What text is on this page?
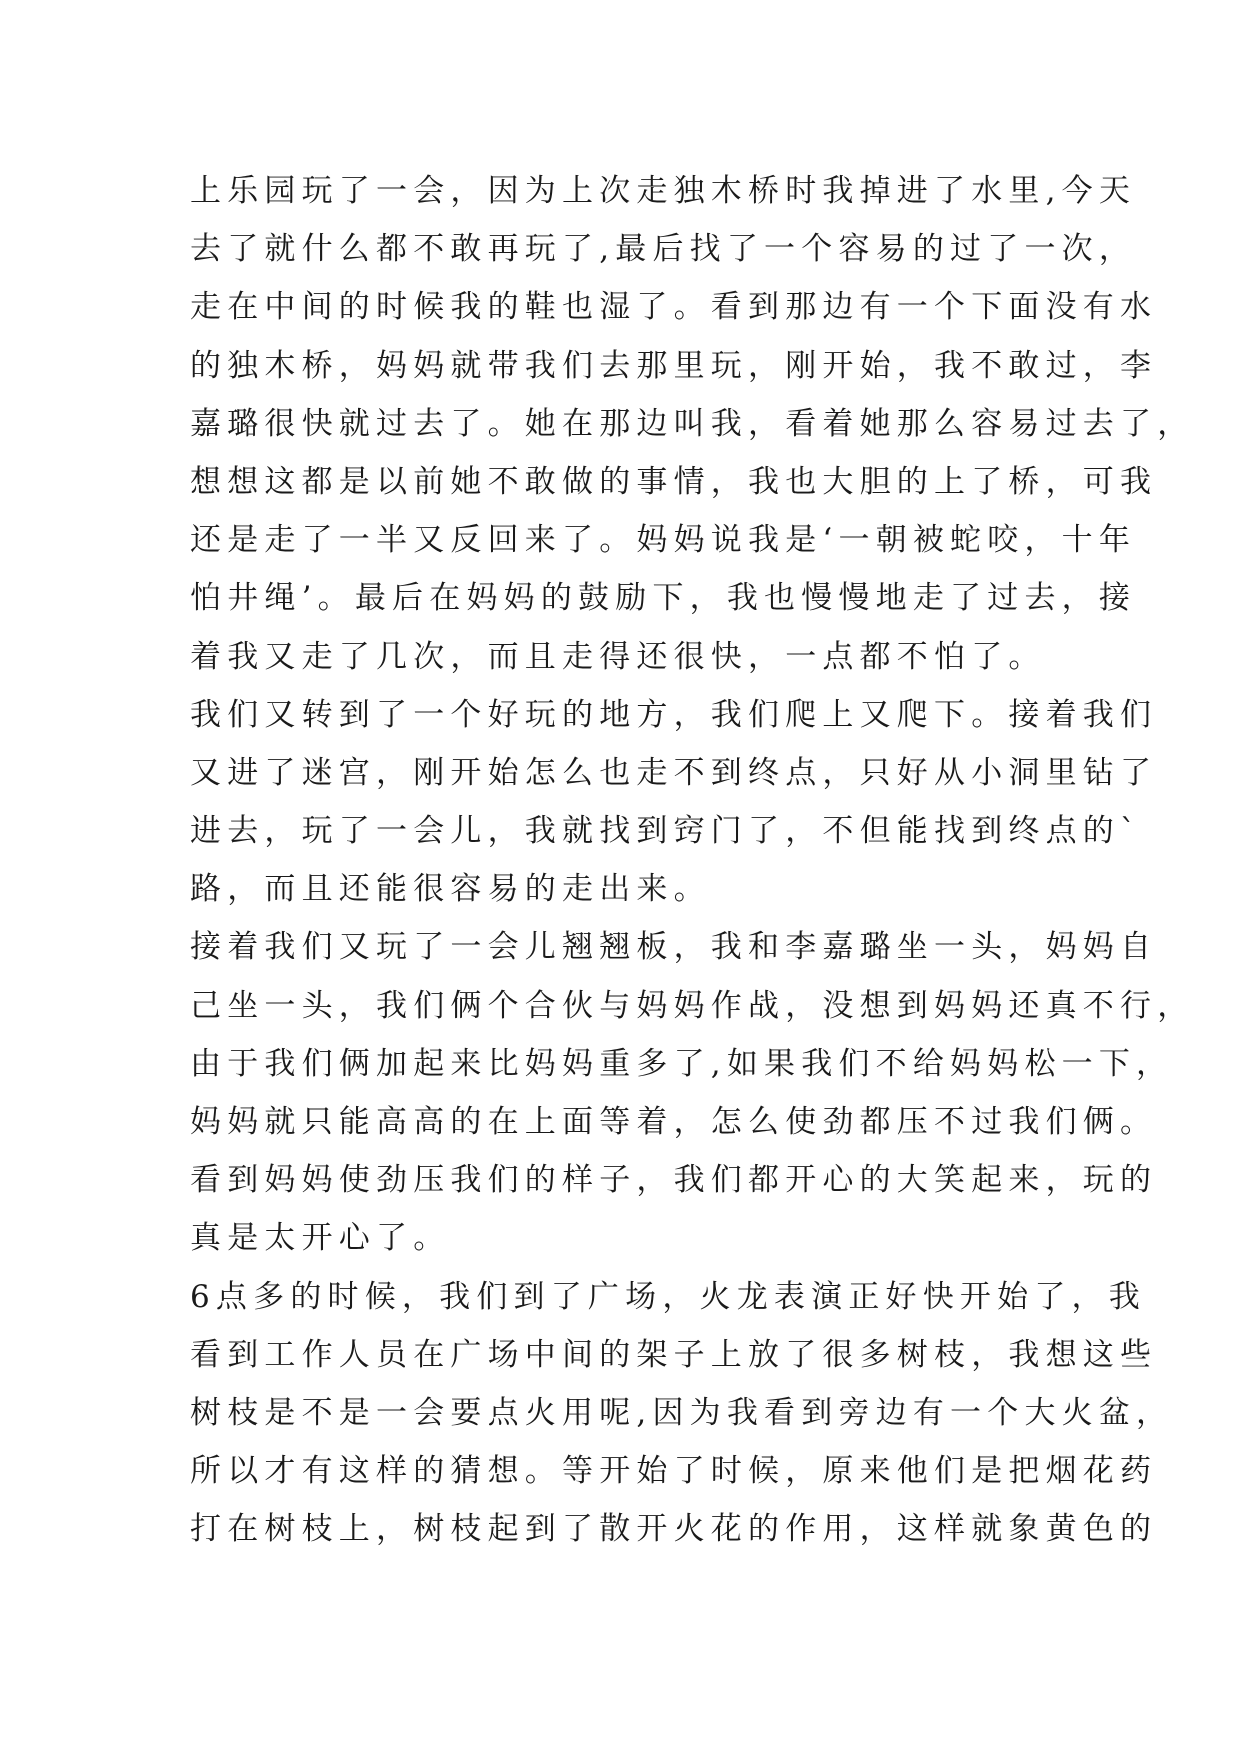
上乐园玩了一会，因为上次走独木桥时我掉进了水里,今天
去了就什么都不敢再玩了,最后找了一个容易的过了一次，
走在中间的时候我的鞋也湿了。看到那边有一个下面没有水
的独木桥，妈妈就带我们去那里玩，刚开始，我不敢过，李
嘉璐很快就过去了。她在那边叫我，看着她那么容易过去了，
想想这都是以前她不敢做的事情，我也大胆的上了桥，可我
还是走了一半又反回来了。妈妈说我是‘一朝被蛇咬，十年
怕井绳’。最后在妈妈的鼓励下，我也慢慢地走了过去，接
着我又走了几次，而且走得还很快，一点都不怕了。
我们又转到了一个好玩的地方，我们爬上又爬下。接着我们
又进了迷宫，刚开始怎么也走不到终点，只好从小洞里钻了
进去，玩了一会儿，我就找到窍门了，不但能找到终点的`
路，而且还能很容易的走出来。
接着我们又玩了一会儿翘翘板，我和李嘉璐坐一头，妈妈自
己坐一头，我们俩个合伙与妈妈作战，没想到妈妈还真不行，
由于我们俩加起来比妈妈重多了,如果我们不给妈妈松一下，
妈妈就只能高高的在上面等着，怎么使劲都压不过我们俩。
看到妈妈使劲压我们的样子，我们都开心的大笑起来，玩的
真是太开心了。
6点多的时候，我们到了广场，火龙表演正好快开始了，我
看到工作人员在广场中间的架子上放了很多树枝，我想这些
树枝是不是一会要点火用呢,因为我看到旁边有一个大火盆，
所以才有这样的猜想。等开始了时候，原来他们是把烟花药
打在树枝上，树枝起到了散开火花的作用，这样就象黄色的
